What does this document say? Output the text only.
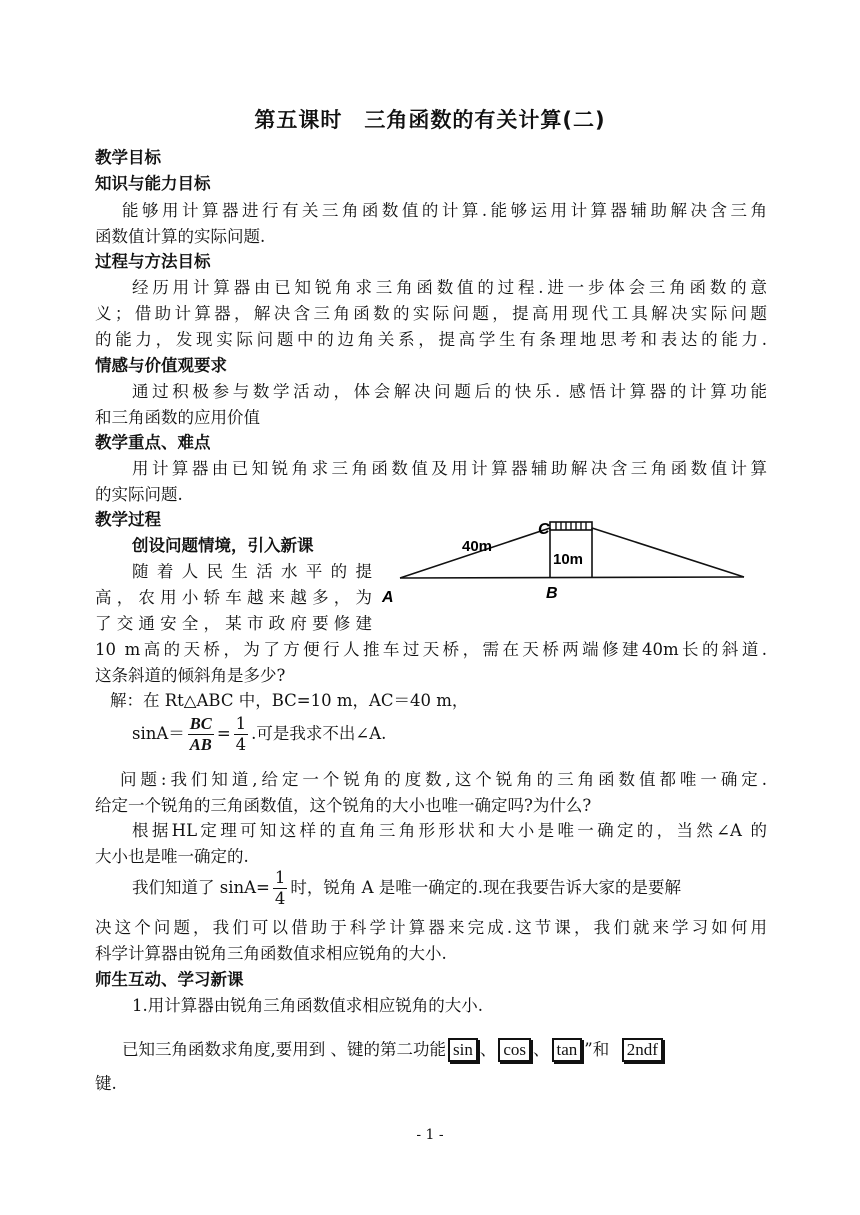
第五课时　三角函数的有关计算(二)
教学目标
知识与能力目标
能够用计算器进行有关三角函数值的计算.能够运用计算器辅助解决含三角
函数值计算的实际问题.
过程与方法目标
经历用计算器由已知锐角求三角函数值的过程.进一步体会三角函数的意
义；借助计算器，解决含三角函数的实际问题，提高用现代工具解决实际问题
的能力，发现实际问题中的边角关系，提高学生有条理地思考和表达的能力.
情感与价值观要求
通过积极参与数学活动，体会解决问题后的快乐. 感悟计算器的计算功能
和三角函数的应用价值
教学重点、难点
用计算器由已知锐角求三角函数值及用计算器辅助解决含三角函数值计算
的实际问题.
教学过程
创设问题情境，引入新课
随着人民生活水平的提
高，农用小轿车越来越多，为
了交通安全，某市政府要修建
10 m高的天桥，为了方便行人推车过天桥，需在天桥两端修建40m长的斜道.
这条斜道的倾斜角是多少?
C
40m
10m
A	B
解：在 Rt△ABC 中，BC=10 m，AC＝40 m，
$\sin A= \frac{BC}{AB} = \frac{1}{4}$ .可是我求不出∠A.
问题:我们知道,给定一个锐角的度数,这个锐角的三角函数值都唯一确定.
给定一个锐角的三角函数值，这个锐角的大小也唯一确定吗?为什么?
根据HL定理可知这样的直角三角形形状和大小是唯一确定的，当然∠A 的
大小也是唯一确定的.
我们知道了 $\sin A= \frac{1}{4}$ 时，锐角 A 是唯一确定的.现在我要告诉大家的是要解
决这个问题，我们可以借助于科学计算器来完成.这节课，我们就来学习如何用
科学计算器由锐角三角函数值求相应锐角的大小.
师生互动、学习新课
1.用计算器由锐角三角函数值求相应锐角的大小.
已知三角函数求角度,要用到 、键的第二功能 sin 、 cos 、 tan ”和 2ndf
键.
- 1 -
